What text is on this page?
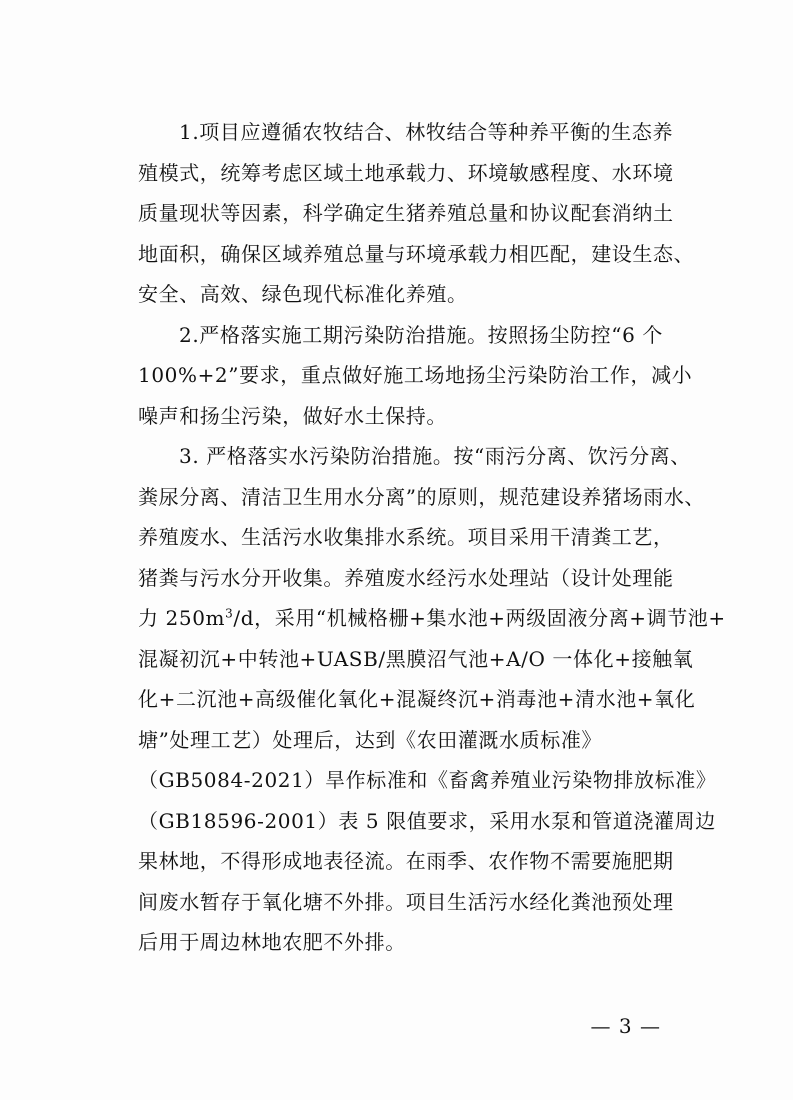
1.项目应遵循农牧结合、林牧结合等种养平衡的生态养
殖模式，统筹考虑区域土地承载力、环境敏感程度、水环境
质量现状等因素，科学确定生猪养殖总量和协议配套消纳土
地面积，确保区域养殖总量与环境承载力相匹配，建设生态、
安全、高效、绿色现代标准化养殖。
2.严格落实施工期污染防治措施。按照扬尘防控“6 个
100%+2”要求，重点做好施工场地扬尘污染防治工作，减小
噪声和扬尘污染，做好水土保持。
3. 严格落实水污染防治措施。按“雨污分离、饮污分离、
粪尿分离、清洁卫生用水分离”的原则，规范建设养猪场雨水、
养殖废水、生活污水收集排水系统。项目采用干清粪工艺，
猪粪与污水分开收集。养殖废水经污水处理站（设计处理能
力 $250m^3/d$，采用“机械格栅+集水池+两级固液分离+调节池+
混凝初沉+中转池+UASB/黑膜沼气池+A/O 一体化+接触氧
化+二沉池+高级催化氧化+混凝终沉+消毒池+清水池+氧化
塘”处理工艺）处理后，达到《农田灌溉水质标准》
（GB5084-2021）旱作标准和《畜禽养殖业污染物排放标准》
（GB18596-2001）表 5 限值要求，采用水泵和管道浇灌周边
果林地，不得形成地表径流。在雨季、农作物不需要施肥期
间废水暂存于氧化塘不外排。项目生活污水经化粪池预处理
后用于周边林地农肥不外排。
— 3 —
